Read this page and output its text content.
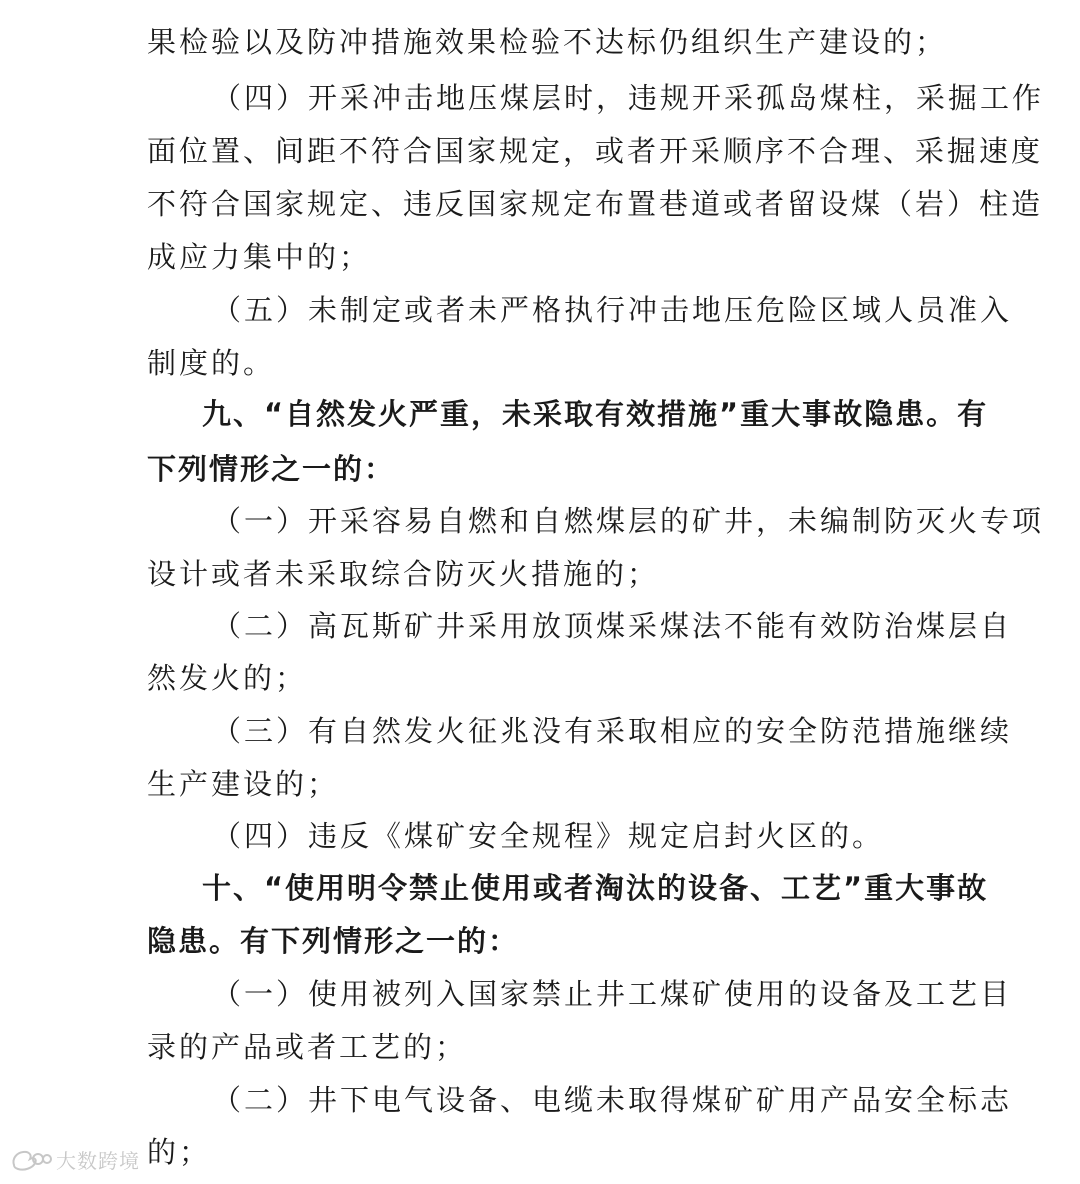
果检验以及防冲措施效果检验不达标仍组织生产建设的；
（四）开采冲击地压煤层时，违规开采孤岛煤柱，采掘工作
面位置、间距不符合国家规定，或者开采顺序不合理、采掘速度
不符合国家规定、违反国家规定布置巷道或者留设煤（岩）柱造
成应力集中的；
（五）未制定或者未严格执行冲击地压危险区域人员准入
制度的。
九、“自然发火严重，未采取有效措施”重大事故隐患。有
下列情形之一的：
（一）开采容易自燃和自燃煤层的矿井，未编制防灭火专项
设计或者未采取综合防灭火措施的；
（二）高瓦斯矿井采用放顶煤采煤法不能有效防治煤层自
然发火的；
（三）有自然发火征兆没有采取相应的安全防范措施继续
生产建设的；
（四）违反《煤矿安全规程》规定启封火区的。
十、“使用明令禁止使用或者淘汰的设备、工艺”重大事故
隐患。有下列情形之一的：
（一）使用被列入国家禁止井工煤矿使用的设备及工艺目
录的产品或者工艺的；
（二）井下电气设备、电缆未取得煤矿矿用产品安全标志
的；
大数跨境
